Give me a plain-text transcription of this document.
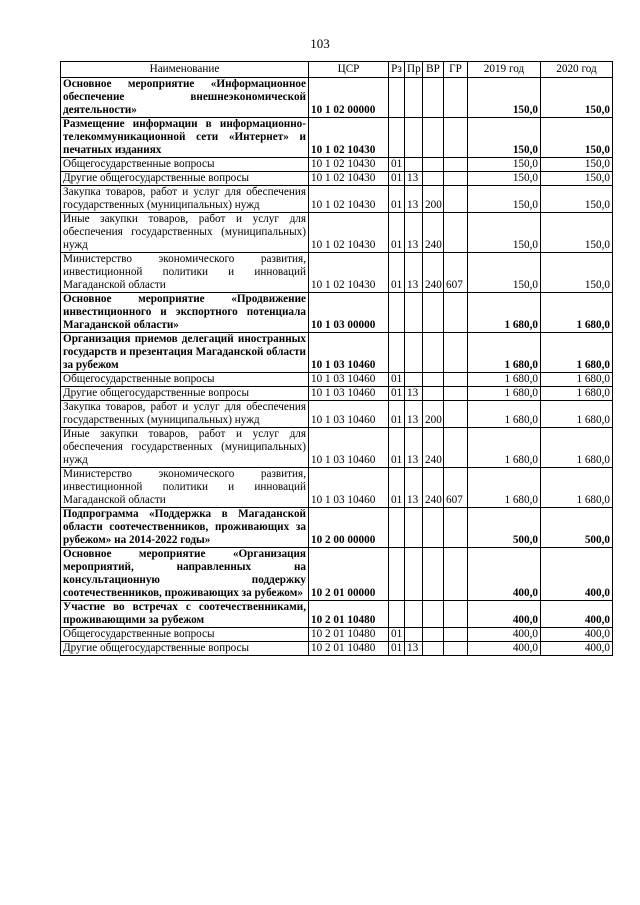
103
Наименование	ЦСР	Рз	Пр	ВР	ГР	2019 год	2020 год
Основное мероприятие «Информационное обеспечение внешнеэкономической деятельности»	10 1 02 00000					150,0	150,0
Размещение информации в информационно-телекоммуникационной сети «Интернет» и печатных изданиях	10 1 02 10430					150,0	150,0
Общегосударственные вопросы	10 1 02 10430	01				150,0	150,0
Другие общегосударственные вопросы	10 1 02 10430	01	13			150,0	150,0
Закупка товаров, работ и услуг для обеспечения государственных (муниципальных) нужд	10 1 02 10430	01	13	200		150,0	150,0
Иные закупки товаров, работ и услуг для обеспечения государственных (муниципальных) нужд	10 1 02 10430	01	13	240		150,0	150,0
Министерство экономического развития, инвестиционной политики и инноваций Магаданской области	10 1 02 10430	01	13	240	607	150,0	150,0
Основное мероприятие «Продвижение инвестиционного и экспортного потенциала Магаданской области»	10 1 03 00000					1 680,0	1 680,0
Организация приемов делегаций иностранных государств и презентация Магаданской области за рубежом	10 1 03 10460					1 680,0	1 680,0
Общегосударственные вопросы	10 1 03 10460	01				1 680,0	1 680,0
Другие общегосударственные вопросы	10 1 03 10460	01	13			1 680,0	1 680,0
Закупка товаров, работ и услуг для обеспечения государственных (муниципальных) нужд	10 1 03 10460	01	13	200		1 680,0	1 680,0
Иные закупки товаров, работ и услуг для обеспечения государственных (муниципальных) нужд	10 1 03 10460	01	13	240		1 680,0	1 680,0
Министерство экономического развития, инвестиционной политики и инноваций Магаданской области	10 1 03 10460	01	13	240	607	1 680,0	1 680,0
Подпрограмма «Поддержка в Магаданской области соотечественников, проживающих за рубежом» на 2014-2022 годы»	10 2 00 00000					500,0	500,0
Основное мероприятие «Организация мероприятий, направленных на консультационную поддержку соотечественников, проживающих за рубежом»	10 2 01 00000					400,0	400,0
Участие во встречах с соотечественниками, проживающими за рубежом	10 2 01 10480					400,0	400,0
Общегосударственные вопросы	10 2 01 10480	01				400,0	400,0
Другие общегосударственные вопросы	10 2 01 10480	01	13			400,0	400,0
